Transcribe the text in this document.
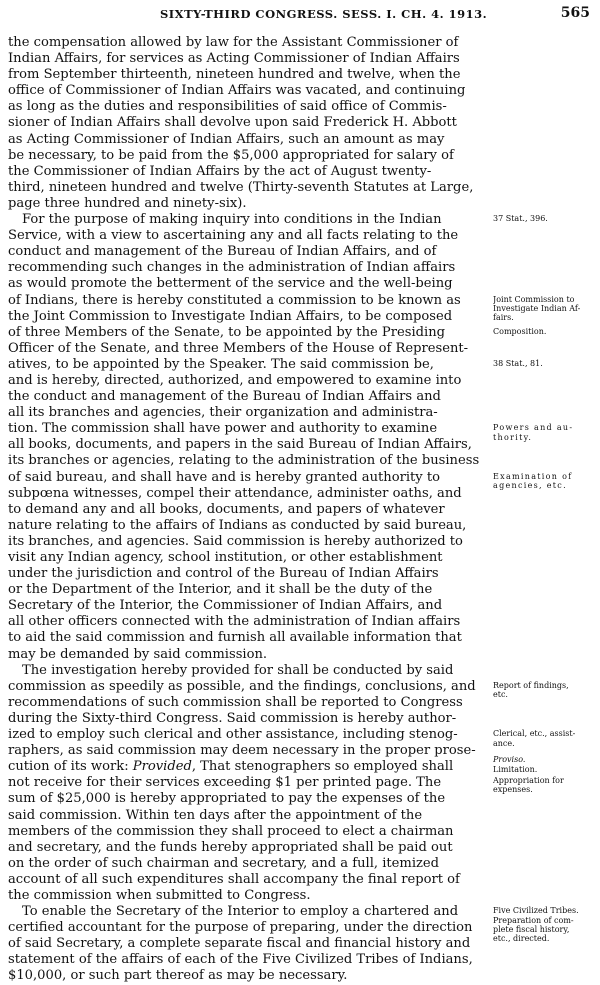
SIXTY-THIRD CONGRESS. SESS. I. CH. 4. 1913.	565
the compensation allowed by law for the Assistant Commissioner of
Indian Affairs, for services as Acting Commissioner of Indian Affairs
from September thirteenth, nineteen hundred and twelve, when the
office of Commissioner of Indian Affairs was vacated, and continuing
as long as the duties and responsibilities of said office of Commis-
sioner of Indian Affairs shall devolve upon said Frederick H. Abbott
as Acting Commissioner of Indian Affairs, such an amount as may
be necessary, to be paid from the $5,000 appropriated for salary of
the Commissioner of Indian Affairs by the act of August twenty-
third, nineteen hundred and twelve (Thirty-seventh Statutes at Large,
page three hundred and ninety-six).
For the purpose of making inquiry into conditions in the Indian
Service, with a view to ascertaining any and all facts relating to the
conduct and management of the Bureau of Indian Affairs, and of
recommending such changes in the administration of Indian affairs
as would promote the betterment of the service and the well-being
of Indians, there is hereby constituted a commission to be known as
the Joint Commission to Investigate Indian Affairs, to be composed
of three Members of the Senate, to be appointed by the Presiding
Officer of the Senate, and three Members of the House of Represent-
atives, to be appointed by the Speaker. The said commission be,
and is hereby, directed, authorized, and empowered to examine into
the conduct and management of the Bureau of Indian Affairs and
all its branches and agencies, their organization and administra-
tion. The commission shall have power and authority to examine
all books, documents, and papers in the said Bureau of Indian Affairs,
its branches or agencies, relating to the administration of the business
of said bureau, and shall have and is hereby granted authority to
subpœna witnesses, compel their attendance, administer oaths, and
to demand any and all books, documents, and papers of whatever
nature relating to the affairs of Indians as conducted by said bureau,
its branches, and agencies. Said commission is hereby authorized to
visit any Indian agency, school institution, or other establishment
under the jurisdiction and control of the Bureau of Indian Affairs
or the Department of the Interior, and it shall be the duty of the
Secretary of the Interior, the Commissioner of Indian Affairs, and
all other officers connected with the administration of Indian affairs
to aid the said commission and furnish all available information that
may be demanded by said commission.
The investigation hereby provided for shall be conducted by said
commission as speedily as possible, and the findings, conclusions, and
recommendations of such commission shall be reported to Congress
during the Sixty-third Congress. Said commission is hereby author-
ized to employ such clerical and other assistance, including stenog-
raphers, as said commission may deem necessary in the proper prose-
cution of its work: Provided, That stenographers so employed shall
not receive for their services exceeding $1 per printed page. The
sum of $25,000 is hereby appropriated to pay the expenses of the
said commission. Within ten days after the appointment of the
members of the commission they shall proceed to elect a chairman
and secretary, and the funds hereby appropriated shall be paid out
on the order of such chairman and secretary, and a full, itemized
account of all such expenditures shall accompany the final report of
the commission when submitted to Congress.
To enable the Secretary of the Interior to employ a chartered and
certified accountant for the purpose of preparing, under the direction
of said Secretary, a complete separate fiscal and financial history and
statement of the affairs of each of the Five Civilized Tribes of Indians,
$10,000, or such part thereof as may be necessary.
37 Stat., 396.
Joint Commission to
Investigate Indian Af-
fairs.
Composition.
38 Stat., 81.
Powers and au-
thority.
Examination of
agencies, etc.
Report of findings,
etc.
Clerical, etc., assist-
ance.
Proviso.
Limitation.
Appropriation for
expenses.
Five Civilized Tribes.
Preparation of com-
plete fiscal history,
etc., directed.
